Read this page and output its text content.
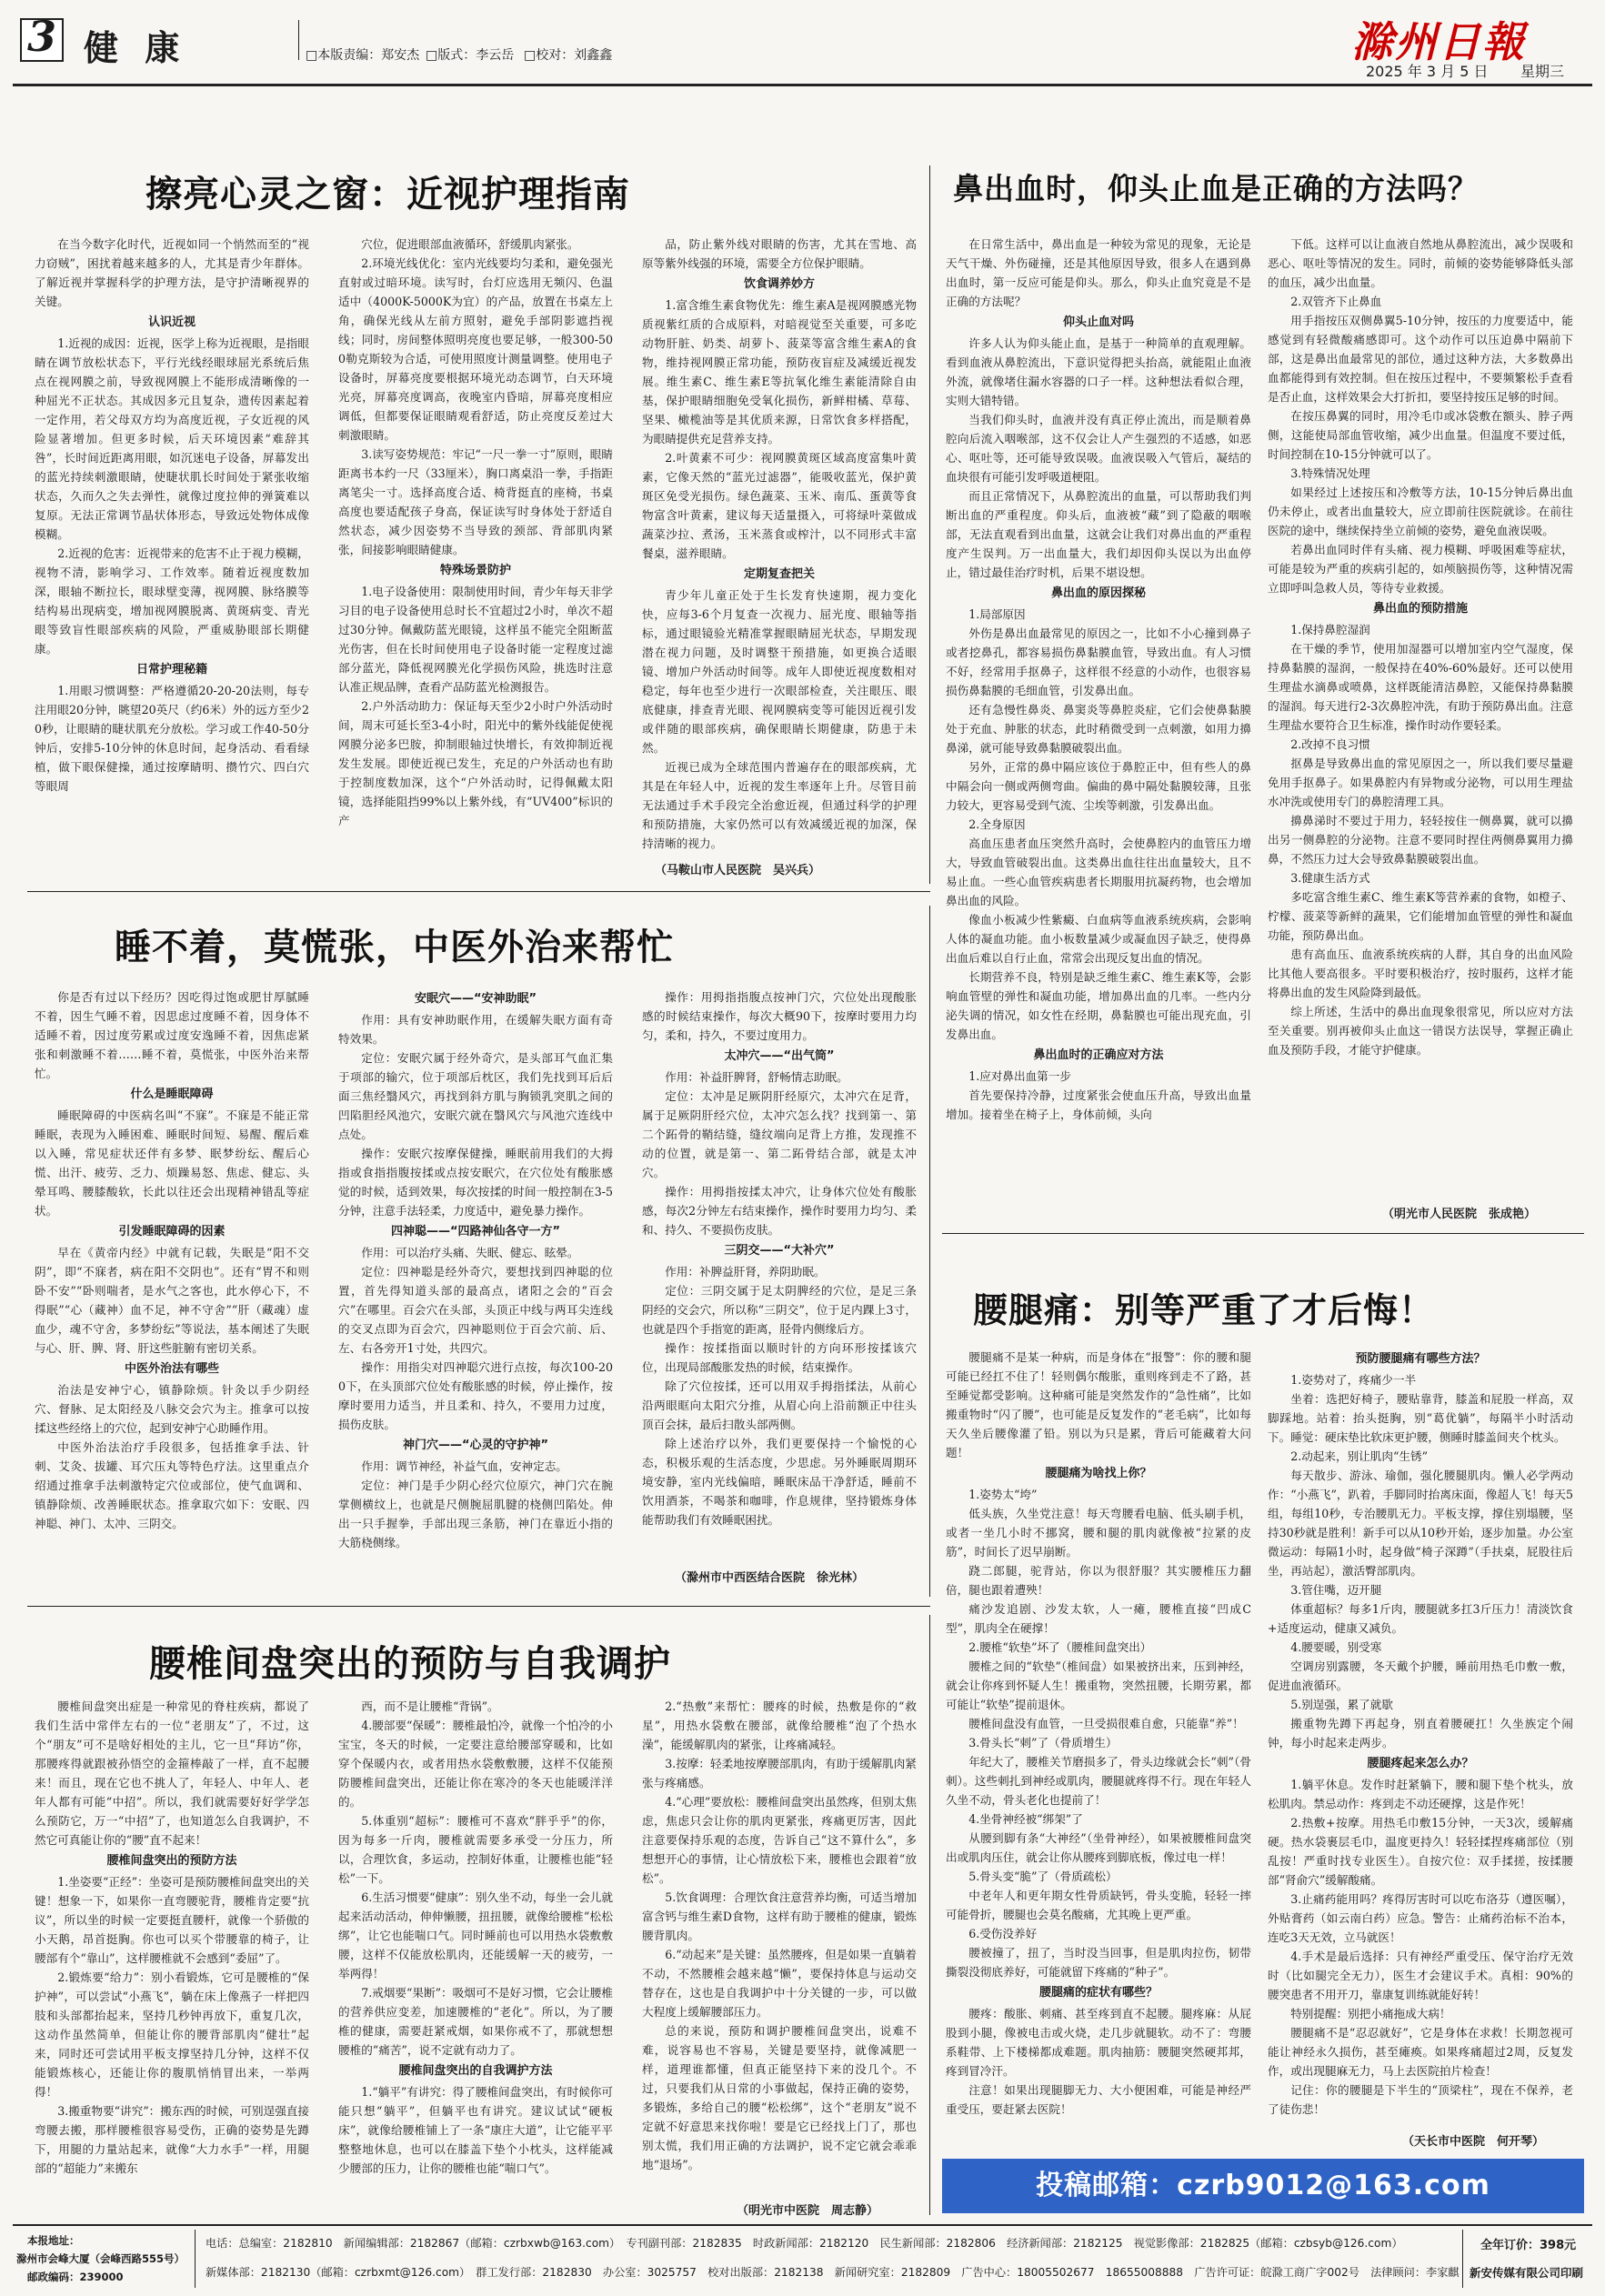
3 健 康	□本版责编：郑安杰 □版式：李云岳 □校对：刘鑫鑫	滁州日報
2025 年 3 月 5 日 星期三
擦亮心灵之窗：近视护理指南

在当今数字化时代，近视如同一个悄然而至的“视力窃贼”，困扰着越来越多的人，尤其是青少年群体。了解近视并掌握科学的护理方法，是守护清晰视界的关键。

认识近视

1.近视的成因：近视，医学上称为近视眼，是指眼睛在调节放松状态下，平行光线经眼球屈光系统后焦点在视网膜之前，导致视网膜上不能形成清晰像的一种屈光不正状态。其成因多元且复杂，遗传因素起着一定作用，若父母双方均为高度近视，子女近视的风险显著增加。但更多时候，后天环境因素“难辞其咎”，长时间近距离用眼，如沉迷电子设备，屏幕发出的蓝光持续刺激眼睛，使睫状肌长时间处于紧张收缩状态，久而久之失去弹性，就像过度拉伸的弹簧难以复原。无法正常调节晶状体形态，导致远处物体成像模糊。

2.近视的危害：近视带来的危害不止于视力模糊，视物不清，影响学习、工作效率。随着近视度数加深，眼轴不断拉长，眼球壁变薄，视网膜、脉络膜等结构易出现病变，增加视网膜脱离、黄斑病变、青光眼等致盲性眼部疾病的风险，严重威胁眼部长期健康。

日常护理秘籍

1.用眼习惯调整：严格遵循20-20-20法则，每专注用眼20分钟，眺望20英尺（约6米）外的远方至少20秒，让眼睛的睫状肌充分放松。学习或工作40-50分钟后，安排5-10分钟的休息时间，起身活动、看看绿植，做下眼保健操，通过按摩睛明、攒竹穴、四白穴等眼周

穴位，促进眼部血液循环，舒缓肌肉紧张。

2.环境光线优化：室内光线要均匀柔和，避免强光直射或过暗环境。读写时，台灯应选用无频闪、色温适中（4000K-5000K为宜）的产品，放置在书桌左上角，确保光线从左前方照射，避免手部阴影遮挡视线；同时，房间整体照明亮度也要足够，一般300-500勒克斯较为合适，可使用照度计测量调整。使用电子设备时，屏幕亮度要根据环境光动态调节，白天环境光亮，屏幕亮度调高，夜晚室内昏暗，屏幕亮度相应调低，但都要保证眼睛观看舒适，防止亮度反差过大刺激眼睛。

3.读写姿势规范：牢记“一尺一拳一寸”原则，眼睛距离书本约一尺（33厘米），胸口离桌沿一拳，手指距离笔尖一寸。选择高度合适、椅背挺直的座椅，书桌高度也要适配孩子身高，保证读写时身体处于舒适自然状态，减少因姿势不当导致的颈部、背部肌肉紧张，间接影响眼睛健康。

特殊场景防护

1.电子设备使用：限制使用时间，青少年每天非学习目的电子设备使用总时长不宜超过2小时，单次不超过30分钟。佩戴防蓝光眼镜，这样虽不能完全阻断蓝光伤害，但在长时间使用电子设备时能一定程度过滤部分蓝光，降低视网膜光化学损伤风险，挑选时注意认准正规品牌，查看产品防蓝光检测报告。

2.户外活动助力：保证每天至少2小时户外活动时间，周末可延长至3-4小时，阳光中的紫外线能促使视网膜分泌多巴胺，抑制眼轴过快增长，有效抑制近视发生发展。即使近视已发生，充足的户外活动也有助于控制度数加深，这个“户外活动时，记得佩戴太阳镜，选择能阻挡99%以上紫外线，有“UV400”标识的产

品，防止紫外线对眼睛的伤害，尤其在雪地、高原等紫外线强的环境，需要全方位保护眼睛。

饮食调养妙方

1.富含维生素食物优先：维生素A是视网膜感光物质视紫红质的合成原料，对暗视觉至关重要，可多吃动物肝脏、奶类、胡萝卜、菠菜等富含维生素A的食物，维持视网膜正常功能，预防夜盲症及减缓近视发展。维生素C、维生素E等抗氧化维生素能清除自由基，保护眼睛细胞免受氧化损伤，新鲜柑橘、草莓、坚果、橄榄油等是其优质来源，日常饮食多样搭配，为眼睛提供充足营养支持。

2.叶黄素不可少：视网膜黄斑区域高度富集叶黄素，它像天然的“蓝光过滤器”，能吸收蓝光，保护黄斑区免受光损伤。绿色蔬菜、玉米、南瓜、蛋黄等食物富含叶黄素，建议每天适量摄入，可将绿叶菜做成蔬菜沙拉、煮汤，玉米蒸食或榨汁，以不同形式丰富餐桌，滋养眼睛。

定期复查把关

青少年儿童正处于生长发育快速期，视力变化快，应每3-6个月复查一次视力、屈光度、眼轴等指标，通过眼镜验光精准掌握眼睛屈光状态，早期发现潜在视力问题，及时调整干预措施，如更换合适眼镜、增加户外活动时间等。成年人即使近视度数相对稳定，每年也至少进行一次眼部检查，关注眼压、眼底健康，排查青光眼、视网膜病变等可能因近视引发或伴随的眼部疾病，确保眼睛长期健康，防患于未然。

近视已成为全球范围内普遍存在的眼部疾病，尤其是在年轻人中，近视的发生率逐年上升。尽管目前无法通过手术手段完全治愈近视，但通过科学的护理和预防措施，大家仍然可以有效减缓近视的加深，保持清晰的视力。

（马鞍山市人民医院　吴兴兵）
鼻出血时，仰头止血是正确的方法吗？

在日常生活中，鼻出血是一种较为常见的现象，无论是天气干燥、外伤碰撞，还是其他原因导致，很多人在遇到鼻出血时，第一反应可能是仰头。那么，仰头止血究竟是不是正确的方法呢？

仰头止血对吗

许多人认为仰头能止血，是基于一种简单的直观理解。看到血液从鼻腔流出，下意识觉得把头抬高，就能阻止血液外流，就像堵住漏水容器的口子一样。这种想法看似合理，实则大错特错。

当我们仰头时，血液并没有真正停止流出，而是顺着鼻腔向后流入咽喉部，这不仅会让人产生强烈的不适感，如恶心、呕吐等，还可能导致误吸。血液误吸入气管后，凝结的血块很有可能引发呼吸道梗阻。

而且正常情况下，从鼻腔流出的血量，可以帮助我们判断出血的严重程度。仰头后，血液被“藏”到了隐蔽的咽喉部，无法直观看到出血量，这就会让我们对鼻出血的严重程度产生误判。万一出血量大，我们却因仰头误以为出血停止，错过最佳治疗时机，后果不堪设想。

鼻出血的原因探秘

1.局部原因

外伤是鼻出血最常见的原因之一，比如不小心撞到鼻子或者挖鼻孔，都容易损伤鼻黏膜血管，导致出血。有人习惯不好，经常用手抠鼻子，这样很不经意的小动作，也很容易损伤鼻黏膜的毛细血管，引发鼻出血。

还有急慢性鼻炎、鼻窦炎等鼻腔炎症，它们会使鼻黏膜处于充血、肿胀的状态，此时稍微受到一点刺激，如用力擤鼻涕，就可能导致鼻黏膜破裂出血。

另外，正常的鼻中隔应该位于鼻腔正中，但有些人的鼻中隔会向一侧或两侧弯曲。偏曲的鼻中隔处黏膜较薄，且张力较大，更容易受到气流、尘埃等刺激，引发鼻出血。

2.全身原因

高血压患者血压突然升高时，会使鼻腔内的血管压力增大，导致血管破裂出血。这类鼻出血往往出血量较大，且不易止血。一些心血管疾病患者长期服用抗凝药物，也会增加鼻出血的风险。

像血小板减少性紫癜、白血病等血液系统疾病，会影响人体的凝血功能。血小板数量减少或凝血因子缺乏，使得鼻出血后难以自行止血，常常会出现反复出血的情况。

长期营养不良，特别是缺乏维生素C、维生素K等，会影响血管壁的弹性和凝血功能，增加鼻出血的几率。一些内分泌失调的情况，如女性在经期，鼻黏膜也可能出现充血，引发鼻出血。

鼻出血时的正确应对方法

1.应对鼻出血第一步

首先要保持冷静，过度紧张会使血压升高，导致出血量增加。接着坐在椅子上，身体前倾，头向

下低。这样可以让血液自然地从鼻腔流出，减少误吸和恶心、呕吐等情况的发生。同时，前倾的姿势能够降低头部的血压，减少出血量。

2.双管齐下止鼻血

用手指按压双侧鼻翼5-10分钟，按压的力度要适中，能感觉到有轻微酸痛感即可。这个动作可以压迫鼻中隔前下部，这是鼻出血最常见的部位，通过这种方法，大多数鼻出血都能得到有效控制。但在按压过程中，不要频繁松手查看是否止血，这样效果会大打折扣，要坚持按压足够的时间。

在按压鼻翼的同时，用冷毛巾或冰袋敷在额头、脖子两侧，这能使局部血管收缩，减少出血量。但温度不要过低，时间控制在10-15分钟就可以了。

3.特殊情况处理

如果经过上述按压和冷敷等方法，10-15分钟后鼻出血仍未停止，或者出血量较大，应立即前往医院就诊。在前往医院的途中，继续保持坐立前倾的姿势，避免血液误吸。

若鼻出血同时伴有头痛、视力模糊、呼吸困难等症状，可能是较为严重的疾病引起的，如颅脑损伤等，这种情况需立即呼叫急救人员，等待专业救援。

鼻出血的预防措施

1.保持鼻腔湿润

在干燥的季节，使用加湿器可以增加室内空气湿度，保持鼻黏膜的湿润，一般保持在40%-60%最好。还可以使用生理盐水滴鼻或喷鼻，这样既能清洁鼻腔，又能保持鼻黏膜的湿润。每天进行2-3次鼻腔冲洗，有助于预防鼻出血。注意生理盐水要符合卫生标准，操作时动作要轻柔。

2.改掉不良习惯

抠鼻是导致鼻出血的常见原因之一，所以我们要尽量避免用手抠鼻子。如果鼻腔内有异物或分泌物，可以用生理盐水冲洗或使用专门的鼻腔清理工具。

擤鼻涕时不要过于用力，轻轻按住一侧鼻翼，就可以擤出另一侧鼻腔的分泌物。注意不要同时捏住两侧鼻翼用力擤鼻，不然压力过大会导致鼻黏膜破裂出血。

3.健康生活方式

多吃富含维生素C、维生素K等营养素的食物，如橙子、柠檬、菠菜等新鲜的蔬果，它们能增加血管壁的弹性和凝血功能，预防鼻出血。

患有高血压、血液系统疾病的人群，其自身的出血风险比其他人要高很多。平时要积极治疗，按时服药，这样才能将鼻出血的发生风险降到最低。

综上所述，生活中的鼻出血现象很常见，所以应对方法至关重要。别再被仰头止血这一错误方法误导，掌握正确止血及预防手段，才能守护健康。

（明光市人民医院　张成艳）
睡不着，莫慌张，中医外治来帮忙

你是否有过以下经历？因吃得过饱或肥甘厚腻睡不着，因生气睡不着，因思虑过度睡不着，因身体不适睡不着，因过度劳累或过度安逸睡不着，因焦虑紧张和刺激睡不着……睡不着，莫慌张，中医外治来帮忙。

什么是睡眠障碍

睡眠障碍的中医病名叫“不寐”。不寐是不能正常睡眠，表现为入睡困难、睡眠时间短、易醒、醒后难以入睡，常见症状还伴有多梦、眠梦纷纭、醒后心慌、出汗、疲劳、乏力、烦躁易怒、焦虑、健忘、头晕耳鸣、腰膝酸软，长此以往还会出现精神错乱等症状。

引发睡眠障碍的因素

早在《黄帝内经》中就有记载，失眠是“阳不交阴”，即“不寐者，病在阳不交阴也”。还有“胃不和则卧不安”“卧则喘者，是水气之客也，此水停心下，不得眠”“心（藏神）血不足，神不守舍”“肝（藏魂）虚血少，魂不守舍，多梦纷纭”等说法，基本阐述了失眠与心、肝、脾、肾、肝这些脏腑有密切关系。

中医外治法有哪些

治法是安神宁心，镇静除烦。针灸以手少阴经穴、督脉、足太阳经及八脉交会穴为主。推拿可以按揉这些经络上的穴位，起到安神宁心助睡作用。

中医外治法治疗手段很多，包括推拿手法、针刺、艾灸、拔罐、耳穴压丸等特色疗法。这里重点介绍通过推拿手法刺激特定穴位或部位，使气血调和、镇静除烦、改善睡眠状态。推拿取穴如下：安眠、四神聪、神门、太冲、三阴交。

安眠穴——“安神助眠”

作用：具有安神助眠作用，在缓解失眠方面有奇特效果。

定位：安眠穴属于经外奇穴，是头部耳气血汇集于项部的输穴，位于项部后枕区，我们先找到耳后后面三焦经翳风穴，再找到斜方肌与胸锁乳突肌之间的凹陷胆经风池穴，安眠穴就在翳风穴与风池穴连线中点处。

操作：安眠穴按摩保健操，睡眠前用我们的大拇指或食指指腹按揉或点按安眠穴，在穴位处有酸胀感觉的时候，适到效果，每次按揉的时间一般控制在3-5分钟，注意手法轻柔，力度适中，避免暴力操作。

四神聪——“四路神仙各守一方”

作用：可以治疗头痛、失眠、健忘、眩晕。

定位：四神聪是经外奇穴，要想找到四神聪的位置，首先得知道头部的最高点，诸阳之会的“百会穴”在哪里。百会穴在头部，头顶正中线与两耳尖连线的交叉点即为百会穴，四神聪则位于百会穴前、后、左、右各旁开1寸处，共四穴。

操作：用指尖对四神聪穴进行点按，每次100-200下，在头顶部穴位处有酸胀感的时候，停止操作，按摩时要用力适当，并且柔和、持久，不要用力过度，损伤皮肤。

神门穴——“心灵的守护神”

作用：调节神经，补益气血，安神定志。

定位：神门是手少阴心经穴位原穴，神门穴在腕掌侧横纹上，也就是尺侧腕屈肌腱的桡侧凹陷处。伸出一只手握拳，手部出现三条筋，神门在靠近小指的大筋桡侧缘。

操作：用拇指指腹点按神门穴，穴位处出现酸胀感的时候结束操作，每次大概90下，按摩时要用力均匀，柔和，持久，不要过度用力。

太冲穴——“出气筒”

作用：补益肝脾肾，舒畅情志助眠。

定位：太冲是足厥阴肝经原穴，太冲穴在足背，属于足厥阴肝经穴位，太冲穴怎么找？找到第一、第二个跖骨的鞘结缝，缝纹端向足背上方推，发现推不动的位置，就是第一、第二跖骨结合部，就是太冲穴。

操作：用拇指按揉太冲穴，让身体穴位处有酸胀感，每次2分钟左右结束操作，操作时要用力均匀、柔和、持久、不要损伤皮肤。

三阴交——“大补穴”

作用：补脾益肝肾，养阴助眠。

定位：三阴交属于足太阴脾经的穴位，是足三条阴经的交会穴，所以称“三阴交”，位于足内踝上3寸，也就是四个手指宽的距离，胫骨内侧缘后方。

操作：按揉指面以顺时针的方向环形按揉该穴位，出现局部酸胀发热的时候，结束操作。

除了穴位按揉，还可以用双手拇指揉法，从前心沿两眼眶向太阳穴分推，从眉心向上沿前额正中往头顶百会抹，最后扫散头部两侧。

除上述治疗以外，我们更要保持一个愉悦的心态，积极乐观的生活态度，少思虑。另外睡眠周期环境安静，室内光线偏暗，睡眠床品干净舒适，睡前不饮用酒茶，不喝茶和咖啡，作息规律，坚持锻炼身体能帮助我们有效睡眠困扰。

（滁州市中西医结合医院　徐光林）
腰椎间盘突出的预防与自我调护

腰椎间盘突出症是一种常见的脊柱疾病，都说了我们生活中常伴左右的一位“老朋友”了，不过，这个“朋友”可不是啥好相处的主儿，它一旦“拜访”你，那腰疼得就跟被孙悟空的金箍棒敲了一样，直不起腰来！而且，现在它也不挑人了，年轻人、中年人、老年人都有可能“中招”。所以，我们就需要好好学学怎么预防它，万一“中招”了，也知道怎么自我调护，不然它可真能让你的“腰”直不起来！

腰椎间盘突出的预防方法

1.坐姿要“正经”：坐姿可是预防腰椎间盘突出的关键！想象一下，如果你一直弯腰驼背，腰椎肯定要“抗议”，所以坐的时候一定要挺直腰杆，就像一个骄傲的小天鹅，昂首挺胸。你也可以买个带腰靠的椅子，让腰部有个“靠山”，这样腰椎就不会感到“委屈”了。

2.锻炼要“给力”：别小看锻炼，它可是腰椎的“保护神”，可以尝试“小燕飞”，躺在床上像燕子一样把四肢和头部都抬起来，坚持几秒钟再放下，重复几次，这动作虽然简单，但能让你的腰背部肌肉“健壮”起来，同时还可尝试用平板支撑坚持几分钟，这样不仅能锻炼核心，还能让你的腹肌悄悄冒出来，一举两得！

3.搬重物要“讲究”：搬东西的时候，可别逞强直接弯腰去搬，那样腰椎很容易受伤，正确的姿势是先蹲下，用腿的力量站起来，就像“大力水手”一样，用腿部的“超能力”来搬东

西，而不是让腰椎“背锅”。

4.腰部要“保暖”：腰椎最怕冷，就像一个怕冷的小宝宝，冬天的时候，一定要注意给腰部穿暖和，比如穿个保暖内衣，或者用热水袋敷敷腰，这样不仅能预防腰椎间盘突出，还能让你在寒冷的冬天也能暖洋洋的。

5.体重别“超标”：腰椎可不喜欢“胖乎乎”的你，因为每多一斤肉，腰椎就需要多承受一分压力，所以，合理饮食，多运动，控制好体重，让腰椎也能“轻松”一下。

6.生活习惯要“健康”：别久坐不动，每坐一会儿就起来活动活动，伸伸懒腰，扭扭腰，就像给腰椎“松松绑”，让它也能喘口气。同时睡前也可以用热水袋敷敷腰，这样不仅能放松肌肉，还能缓解一天的疲劳，一举两得！

7.戒烟要“果断”：吸烟可不是好习惯，它会让腰椎的营养供应变差，加速腰椎的“老化”。所以，为了腰椎的健康，需要赶紧戒烟，如果你戒不了，那就想想腰椎的“痛苦”，说不定就有动力了。

腰椎间盘突出的自我调护方法

1.“躺平”有讲究：得了腰椎间盘突出，有时候你可能只想“躺平”，但躺平也有讲究。建议试试“硬板床”，就像给腰椎铺上了一条“康庄大道”，让它能平平整整地休息，也可以在膝盖下垫个小枕头，这样能减少腰部的压力，让你的腰椎也能“喘口气”。

2.“热敷”来帮忙：腰疼的时候，热敷是你的“救星”，用热水袋敷在腰部，就像给腰椎“泡了个热水澡”，能缓解肌肉的紧张，让疼痛减轻。

3.按摩：轻柔地按摩腰部肌肉，有助于缓解肌肉紧张与疼痛感。

4.“心理”要放松：腰椎间盘突出虽然疼，但别太焦虑，焦虑只会让你的肌肉更紧张，疼痛更厉害，因此注意要保持乐观的态度，告诉自己“这不算什么”，多想想开心的事情，让心情放松下来，腰椎也会跟着“放松”。

5.饮食调理：合理饮食注意营养均衡，可适当增加富含钙与维生素D食物，这样有助于腰椎的健康，锻炼腰背肌肉。

6.“动起来”是关键：虽然腰疼，但是如果一直躺着不动，不然腰椎会越来越“懒”，要保持体息与运动交替存在，这也是自我调护中十分关键的一步，可以做大程度上缓解腰部压力。

总的来说，预防和调护腰椎间盘突出，说难不难，说容易也不容易，关键是要坚持，就像减肥一样，道理谁都懂，但真正能坚持下来的没几个。不过，只要我们从日常的小事做起，保持正确的姿势，多锻炼，多给自己的腰“松松绑”，这个“老朋友”说不定就不好意思来找你啦！要是它已经找上门了，那也别太慌，我们用正确的方法调护，说不定它就会乖乖地“退场”。

（明光市中医院　周志静）
腰腿痛：别等严重了才后悔！

腰腿痛不是某一种病，而是身体在“报警”：你的腰和腿可能已经扛不住了！轻则偶尔酸胀，重则疼到走不了路，甚至睡觉都受影响。这种痛可能是突然发作的“急性痛”，比如搬重物时“闪了腰”，也可能是反复发作的“老毛病”，比如每天久坐后腰像灌了铅。别以为只是累，背后可能藏着大问题！

腰腿痛为啥找上你？

1.姿势太“垮”

低头族，久坐党注意！每天弯腰看电脑、低头刷手机，或者一坐几小时不挪窝，腰和腿的肌肉就像被“拉紧的皮筋”，时间长了迟早崩断。

跷二郎腿，驼背站，你以为很舒服？其实腰椎压力翻倍，腿也跟着遭殃！

痛沙发追剧、沙发太软，人一瘫，腰椎直接“凹成C型”，肌肉全在硬撑！

2.腰椎“软垫”坏了（腰椎间盘突出）

腰椎之间的“软垫”（椎间盘）如果被挤出来，压到神经，就会让你疼到怀疑人生！搬重物，突然扭腰，长期劳累，都可能让“软垫”提前退休。

腰椎间盘没有血管，一旦受损很难自愈，只能靠“养”！

3.骨头长“刺”了（骨质增生）

年纪大了，腰椎关节磨损多了，骨头边缘就会长“刺”（骨刺）。这些刺扎到神经或肌肉，腰腿就疼得不行。现在年轻人久坐不动，骨头老化也提前了！

4.坐骨神经被“绑架”了

从腰到脚有条“大神经”（坐骨神经），如果被腰椎间盘突出或肌肉压住，就会让你从腰疼到脚底板，像过电一样！

5.骨头变“脆”了（骨质疏松）

中老年人和更年期女性骨质缺钙，骨头变脆，轻轻一摔可能骨折，腰腿也会莫名酸痛，尤其晚上更严重。

6.受伤没养好

腰被撞了，扭了，当时没当回事，但是肌肉拉伤，韧带撕裂没彻底养好，可能就留下疼痛的“种子”。

腰腿痛的症状有哪些？

腰疼：酸胀、刺痛、甚至疼到直不起腰。腿疼麻：从屁股到小腿，像被电击或火烧，走几步就腿软。动不了：弯腰系鞋带、上下楼梯都成难题。肌肉抽筋：腰腿突然硬邦邦，疼到冒冷汗。

注意！如果出现腿脚无力、大小便困难，可能是神经严重受压，要赶紧去医院！

预防腰腿痛有哪些方法？

1.姿势对了，疼痛少一半

坐着：选把好椅子，腰贴靠背，膝盖和屁股一样高，双脚踩地。站着：抬头挺胸，别“葛优躺”，每隔半小时活动下。睡觉：硬床垫比软床更护腰，侧睡时膝盖间夹个枕头。

2.动起来，别让肌肉“生锈”

每天散步、游泳、瑜伽，强化腰腿肌肉。懒人必学两动作：“小燕飞”，趴着，手脚同时抬离床面，像超人飞！每天5组，每组10秒，专治腰肌无力。平板支撑，撑住别塌腰，坚持30秒就是胜利！新手可以从10秒开始，逐步加量。办公室微运动：每隔1小时，起身做“椅子深蹲”（手扶桌，屁股往后坐，再站起），激活臀部肌肉。

3.管住嘴，迈开腿

体重超标？每多1斤肉，腰腿就多扛3斤压力！清淡饮食+适度运动，健康又减负。

4.腰要暖，别受寒

空调房别露腰，冬天戴个护腰，睡前用热毛巾敷一敷，促进血液循环。

5.别逞强，累了就歇

搬重物先蹲下再起身，别直着腰硬扛！久坐族定个闹钟，每小时起来走两步。

腰腿疼起来怎么办？

1.躺平休息。发作时赶紧躺下，腰和腿下垫个枕头，放松肌肉。禁忌动作：疼到走不动还硬撑，这是作死！

2.热敷+按摩。用热毛巾敷15分钟，一天3次，缓解痛硬。热水袋裹层毛巾，温度更持久！轻轻揉捏疼痛部位（别乱按！严重时找专业医生）。自按穴位：双手揉搓，按揉腰部“肾俞穴”缓解酸痛。

3.止痛药能用吗？疼得厉害时可以吃布洛芬（遵医嘱），外贴膏药（如云南白药）应急。警告：止痛药治标不治本，连吃3天无效，立马就医！

4.手术是最后选择：只有神经严重受压、保守治疗无效时（比如腿完全无力），医生才会建议手术。真相：90%的腰突患者不用开刀，靠康复训练就能好转！

特别提醒：别把小痛拖成大病！

腰腿痛不是“忍忍就好”，它是身体在求救！长期忽视可能让神经永久损伤，甚至瘫痪。如果疼痛超过2周，反复发作，或出现腿麻无力，马上去医院拍片检查！

记住：你的腰腿是下半生的“顶梁柱”，现在不保养，老了徒伤悲！

（天长市中医院　何开琴）
投稿邮箱：czrb9012@163.com
本报地址：
滁州市会峰大厦（会峰西路555号）
邮政编码：239000
电话：总编室：2182810　新闻编辑部：2182867（邮箱：czrbxwb@163.com）　专刊副刊部：2182835　时政新闻部：2182120　民生新闻部：2182806　经济新闻部：2182125　视觉影像部：2182825（邮箱：czbsyb@126.com）
新媒体部：2182130（邮箱：czrbxmt@126.com）　群工发行部：2182830　办公室：3025757　校对出版部：2182138　新闻研究室：2182809　广告中心：18005502677　18655008888　广告许可证：皖滁工商广字002号　法律顾问：李家麒
全年订价：398元
新安传媒有限公司印刷
